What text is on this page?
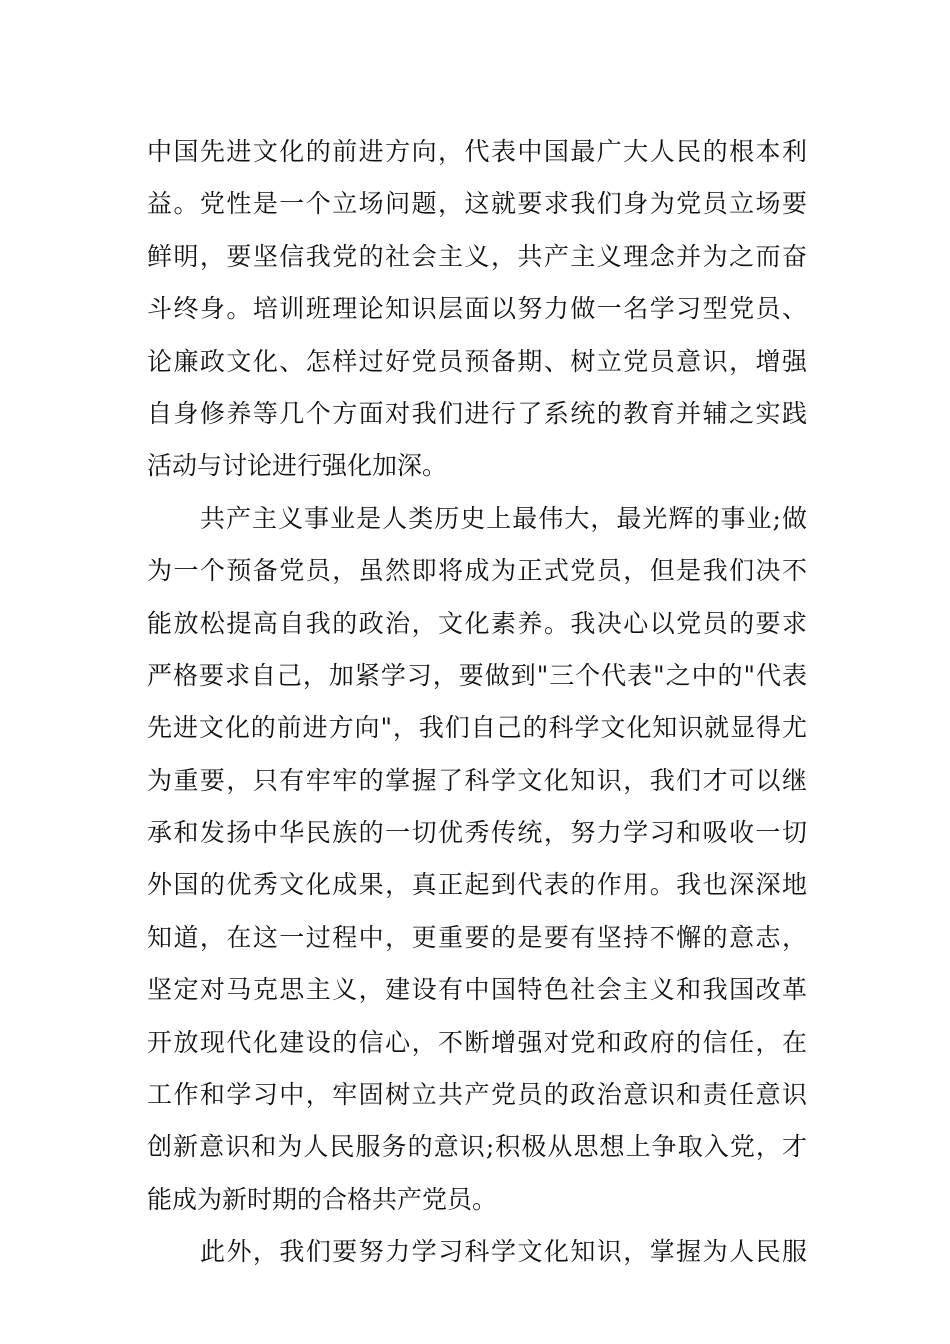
中国先进文化的前进方向，代表中国最广大人民的根本利
益。党性是一个立场问题，这就要求我们身为党员立场要
鲜明，要坚信我党的社会主义，共产主义理念并为之而奋
斗终身。培训班理论知识层面以努力做一名学习型党员、
论廉政文化、怎样过好党员预备期、树立党员意识，增强
自身修养等几个方面对我们进行了系统的教育并辅之实践
活动与讨论进行强化加深。
共产主义事业是人类历史上最伟大，最光辉的事业;做
为一个预备党员，虽然即将成为正式党员，但是我们决不
能放松提高自我的政治，文化素养。我决心以党员的要求
严格要求自己，加紧学习，要做到"三个代表"之中的"代表
先进文化的前进方向"，我们自己的科学文化知识就显得尤
为重要，只有牢牢的掌握了科学文化知识，我们才可以继
承和发扬中华民族的一切优秀传统，努力学习和吸收一切
外国的优秀文化成果，真正起到代表的作用。我也深深地
知道，在这一过程中，更重要的是要有坚持不懈的意志，
坚定对马克思主义，建设有中国特色社会主义和我国改革
开放现代化建设的信心，不断增强对党和政府的信任，在
工作和学习中，牢固树立共产党员的政治意识和责任意识
创新意识和为人民服务的意识;积极从思想上争取入党，才
能成为新时期的合格共产党员。
此外，我们要努力学习科学文化知识，掌握为人民服
